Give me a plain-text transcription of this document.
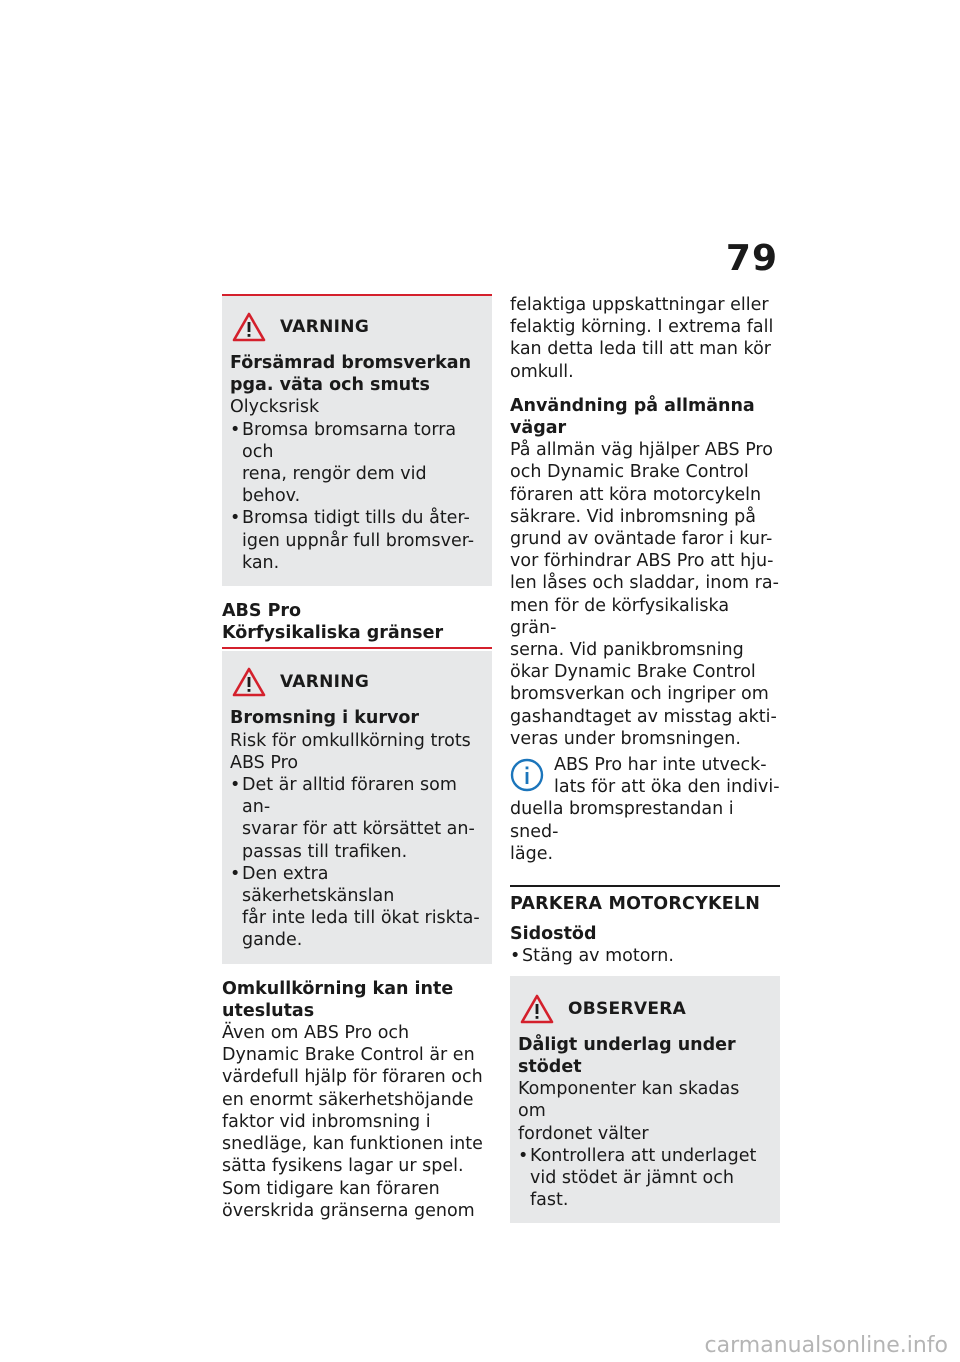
79
VARNING
Försämrad bromsverkan
pga. väta och smuts
Olycksrisk
• Bromsa bromsarna torra och
rena, rengör dem vid behov.
• Bromsa tidigt tills du åter-
igen uppnår full bromsver-
kan.
ABS Pro
Körfysikaliska gränser
VARNING
Bromsning i kurvor
Risk för omkullkörning trots
ABS Pro
• Det är alltid föraren som an-
svarar för att körsättet an-
passas till trafiken.
• Den extra säkerhetskänslan
får inte leda till ökat riskta-
gande.
Omkullkörning kan inte
uteslutas
Även om ABS Pro och
Dynamic Brake Control är en
värdefull hjälp för föraren och
en enormt säkerhetshöjande
faktor vid inbromsning i
snedläge, kan funktionen inte
sätta fysikens lagar ur spel.
Som tidigare kan föraren
överskrida gränserna genom
felaktiga uppskattningar eller
felaktig körning. I extrema fall
kan detta leda till att man kör
omkull.
Användning på allmänna
vägar
På allmän väg hjälper ABS Pro
och Dynamic Brake Control
föraren att köra motorcykeln
säkrare. Vid inbromsning på
grund av oväntade faror i kur-
vor förhindrar ABS Pro att hju-
len låses och sladdar, inom ra-
men för de körfysikaliska grän-
serna. Vid panikbromsning
ökar Dynamic Brake Control
bromsverkan och ingriper om
gashandtaget av misstag akti-
veras under bromsningen.
ABS Pro har inte utveck-
lats för att öka den indivi-
duella bromsprestandan i sned-
läge.
PARKERA MOTORCYKELN
Sidostöd
•Stäng av motorn.
OBSERVERA
Dåligt underlag under stödet
Komponenter kan skadas om
fordonet välter
• Kontrollera att underlaget
vid stödet är jämnt och fast.
carmanualsonline.info
